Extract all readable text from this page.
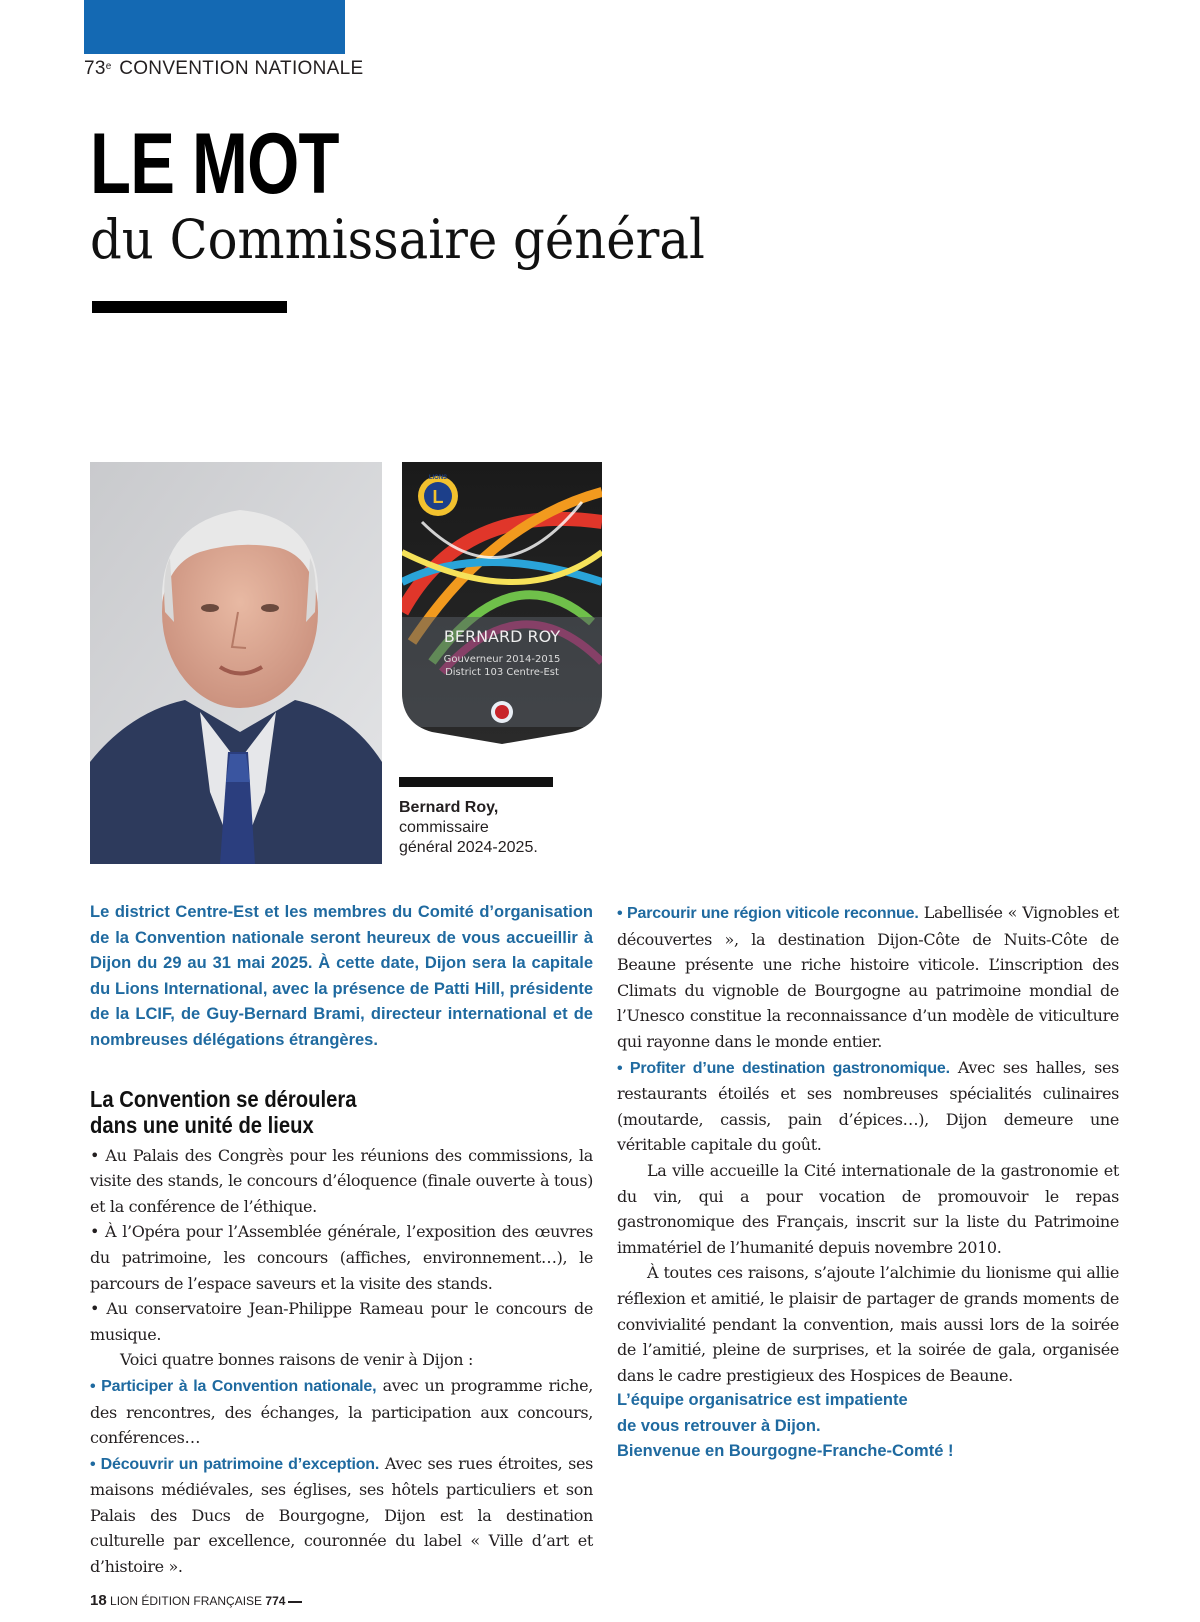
73e CONVENTION NATIONALE
LE MOT
du Commissaire général
L
LIONS
BERNARD ROY
Gouverneur 2014-2015
District 103 Centre-Est
Bernard Roy,
commissaire
général 2024-2025.

Le district Centre-Est et les membres du Comité d’organisation de la Convention nationale seront heureux de vous accueillir à Dijon du 29 au 31 mai 2025. À cette date, Dijon sera la capitale du Lions International, avec la présence de Patti Hill, présidente de la LCIF, de Guy-Bernard Brami, directeur international et de nombreuses délégations étrangères.

La Convention se déroulera
dans une unité de lieux

• Au Palais des Congrès pour les réunions des commissions, la visite des stands, le concours d’éloquence (finale ouverte à tous) et la conférence de l’éthique.

• À l’Opéra pour l’Assemblée générale, l’exposition des œuvres du patrimoine, les concours (affiches, environnement…), le parcours de l’espace saveurs et la visite des stands.

• Au conservatoire Jean-Philippe Rameau pour le concours de musique.

Voici quatre bonnes raisons de venir à Dijon :

• Participer à la Convention nationale, avec un programme riche, des rencontres, des échanges, la participation aux concours, conférences…

• Découvrir un patrimoine d’exception. Avec ses rues étroites, ses maisons médiévales, ses églises, ses hôtels particuliers et son Palais des Ducs de Bourgogne, Dijon est la destination culturelle par excellence, couronnée du label « Ville d’art et d’histoire ».

• Parcourir une région viticole reconnue. Labellisée « Vignobles et découvertes », la destination Dijon-Côte de Nuits-Côte de Beaune présente une riche histoire viticole. L’inscription des Climats du vignoble de Bourgogne au patrimoine mondial de l’Unesco constitue la reconnaissance d’un modèle de viticulture qui rayonne dans le monde entier.

• Profiter d’une destination gastronomique. Avec ses halles, ses restaurants étoilés et ses nombreuses spécialités culinaires (moutarde, cassis, pain d’épices…), Dijon demeure une véritable capitale du goût.

La ville accueille la Cité internationale de la gastronomie et du vin, qui a pour vocation de promouvoir le repas gastronomique des Français, inscrit sur la liste du Patrimoine immatériel de l’humanité depuis novembre 2010.

À toutes ces raisons, s’ajoute l’alchimie du lionisme qui allie réflexion et amitié, le plaisir de partager de grands moments de convivialité pendant la convention, mais aussi lors de la soirée de l’amitié, pleine de surprises, et la soirée de gala, organisée dans le cadre prestigieux des Hospices de Beaune.

L’équipe organisatrice est impatiente
de vous retrouver à Dijon.
Bienvenue en Bourgogne-Franche-Comté !

18 LION ÉDITION FRANÇAISE 774
